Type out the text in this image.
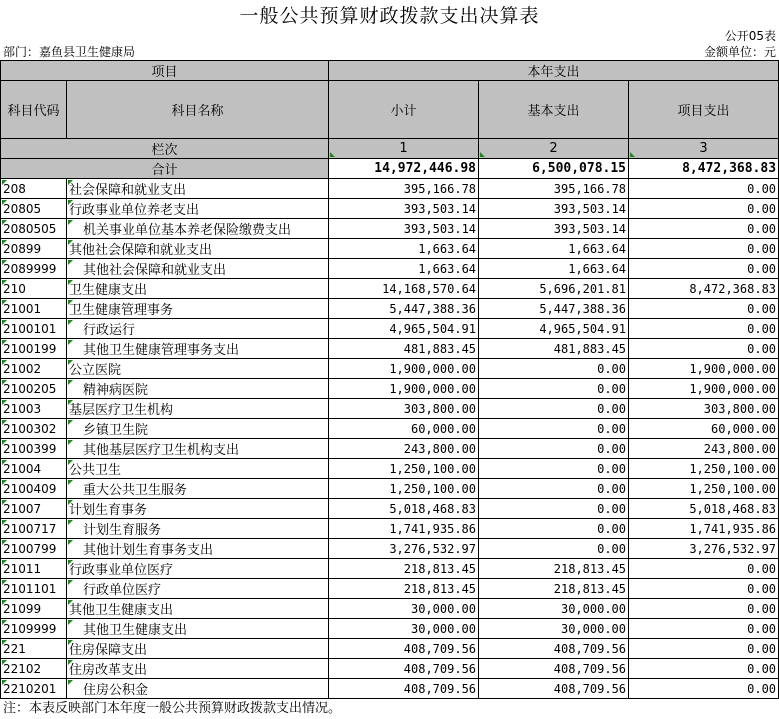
一般公共预算财政拨款支出决算表
公开05表
部门：嘉鱼县卫生健康局	金额单位：元
项目		本年支出		
科目代码	科目名称	小计	基本支出	项目支出
栏次		1	2	3
合计		14,972,446.98	6,500,078.15	8,472,368.83

208	社会保障和就业支出	395,166.78	395,166.78	0.00

20805	行政事业单位养老支出	393,503.14	393,503.14	0.00

2080505	机关事业单位基本养老保险缴费支出	393,503.14	393,503.14	0.00

20899	其他社会保障和就业支出	1,663.64	1,663.64	0.00

2089999	其他社会保障和就业支出	1,663.64	1,663.64	0.00

210	卫生健康支出	14,168,570.64	5,696,201.81	8,472,368.83

21001	卫生健康管理事务	5,447,388.36	5,447,388.36	0.00

2100101	行政运行	4,965,504.91	4,965,504.91	0.00

2100199	其他卫生健康管理事务支出	481,883.45	481,883.45	0.00

21002	公立医院	1,900,000.00	0.00	1,900,000.00

2100205	精神病医院	1,900,000.00	0.00	1,900,000.00

21003	基层医疗卫生机构	303,800.00	0.00	303,800.00

2100302	乡镇卫生院	60,000.00	0.00	60,000.00

2100399	其他基层医疗卫生机构支出	243,800.00	0.00	243,800.00

21004	公共卫生	1,250,100.00	0.00	1,250,100.00

2100409	重大公共卫生服务	1,250,100.00	0.00	1,250,100.00

21007	计划生育事务	5,018,468.83	0.00	5,018,468.83

2100717	计划生育服务	1,741,935.86	0.00	1,741,935.86

2100799	其他计划生育事务支出	3,276,532.97	0.00	3,276,532.97

21011	行政事业单位医疗	218,813.45	218,813.45	0.00

2101101	行政单位医疗	218,813.45	218,813.45	0.00

21099	其他卫生健康支出	30,000.00	30,000.00	0.00

2109999	其他卫生健康支出	30,000.00	30,000.00	0.00

221	住房保障支出	408,709.56	408,709.56	0.00

22102	住房改革支出	408,709.56	408,709.56	0.00

2210201	住房公积金	408,709.56	408,709.56	0.00
注：本表反映部门本年度一般公共预算财政拨款支出情况。
